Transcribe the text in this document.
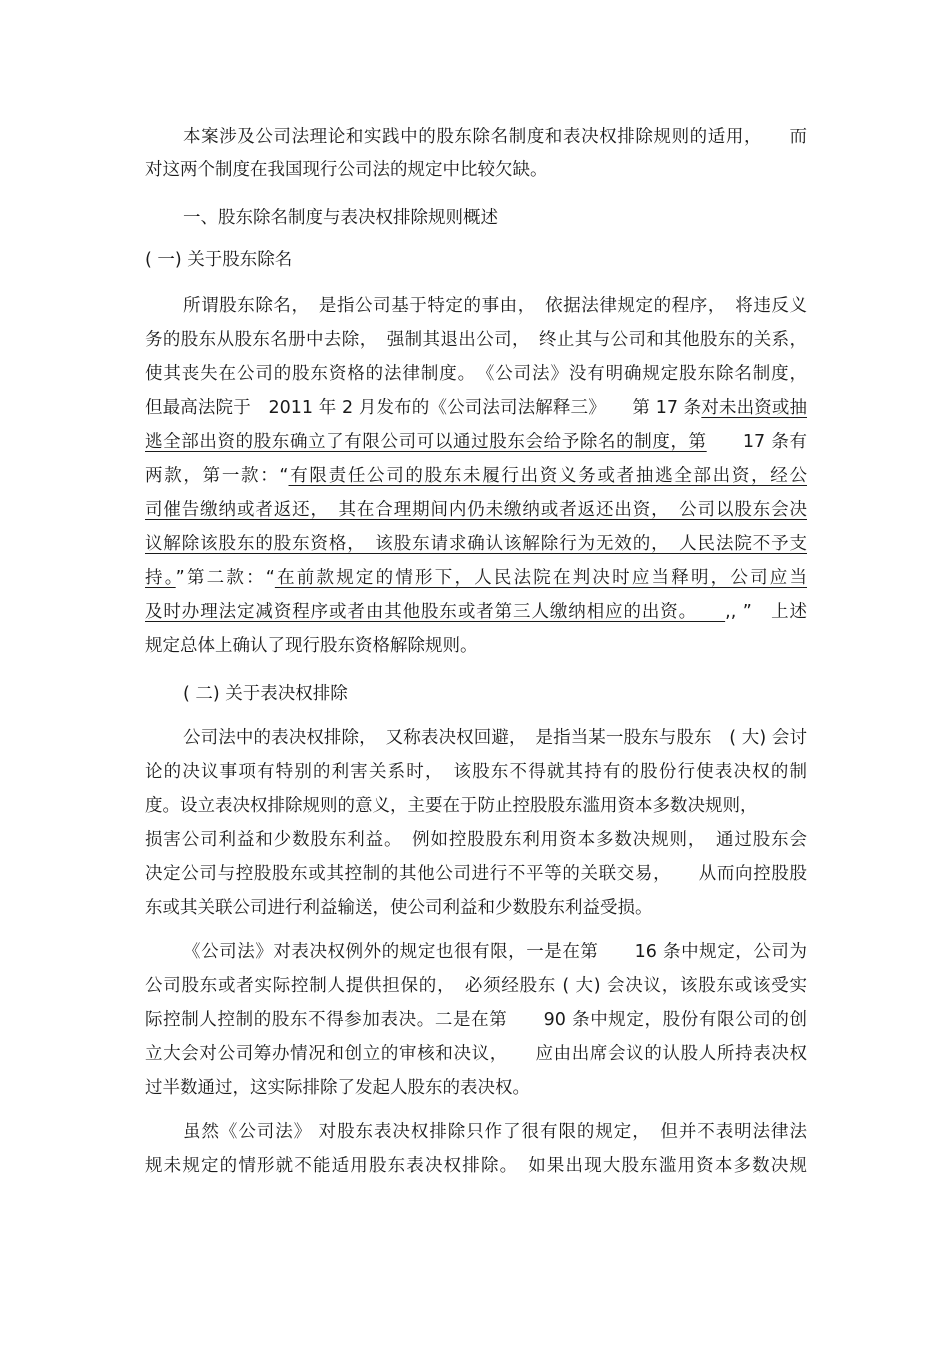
本案涉及公司法理论和实践中的股东除名制度和表决权排除规则的适用，　　而
对这两个制度在我国现行公司法的规定中比较欠缺。
一、股东除名制度与表决权排除规则概述
( 一) 关于股东除名
所谓股东除名，　是指公司基于特定的事由，　依据法律规定的程序，　将违反义
务的股东从股东名册中去除，　强制其退出公司，　终止其与公司和其他股东的关系，
使其丧失在公司的股东资格的法律制度。　《公司法》没有明确规定股东除名制度，
但最高法院于　2011 年 2 月发布的《公司法司法解释三》　　第 17 条对未出资或抽
逃全部出资的股东确立了有限公司可以通过股东会给予除名的制度，第　　17 条有
两款，第一款：“有限责任公司的股东未履行出资义务或者抽逃全部出资，经公
司催告缴纳或者返还，　其在合理期间内仍未缴纳或者返还出资，　公司以股东会决
议解除该股东的股东资格，　该股东请求确认该解除行为无效的，　人民法院不予支
持。”第二款：“在前款规定的情形下，人民法院在判决时应当释明，公司应当
及时办理法定减资程序或者由其他股东或者第三人缴纳相应的出资。　　,, ”　上述
规定总体上确认了现行股东资格解除规则。
( 二) 关于表决权排除
公司法中的表决权排除，　又称表决权回避，　是指当某一股东与股东　( 大) 会讨
论的决议事项有特别的利害关系时，　该股东不得就其持有的股份行使表决权的制
度。设立表决权排除规则的意义，主要在于防止控股股东滥用资本多数决规则，
损害公司利益和少数股东利益。　例如控股股东利用资本多数决规则，　通过股东会
决定公司与控股股东或其控制的其他公司进行不平等的关联交易，　　从而向控股股
东或其关联公司进行利益输送，使公司利益和少数股东利益受损。
《公司法》对表决权例外的规定也很有限，一是在第　　16 条中规定，公司为
公司股东或者实际控制人提供担保的，　必须经股东 ( 大) 会决议，该股东或该受实
际控制人控制的股东不得参加表决。二是在第　　90 条中规定，股份有限公司的创
立大会对公司筹办情况和创立的审核和决议，　　应由出席会议的认股人所持表决权
过半数通过，这实际排除了发起人股东的表决权。
虽然《公司法》 对股东表决权排除只作了很有限的规定，　但并不表明法律法
规未规定的情形就不能适用股东表决权排除。　如果出现大股东滥用资本多数决规
